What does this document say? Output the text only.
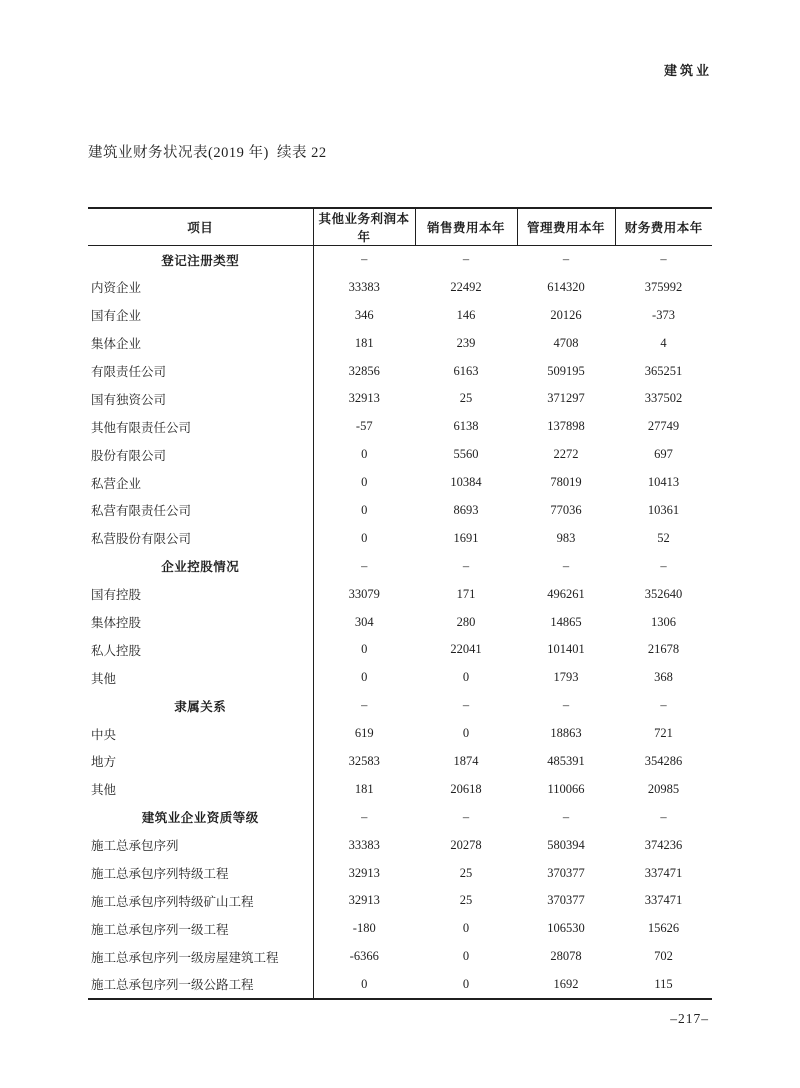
建筑业
建筑业财务状况表(2019 年)  续表 22
项目	其他业务利润本年	销售费用本年	管理费用本年	财务费用本年
登记注册类型	–	–	–	–
内资企业	33383	22492	614320	375992
国有企业	346	146	20126	-373
集体企业	181	239	4708	4
有限责任公司	32856	6163	509195	365251
国有独资公司	32913	25	371297	337502
其他有限责任公司	-57	6138	137898	27749
股份有限公司	0	5560	2272	697
私营企业	0	10384	78019	10413
私营有限责任公司	0	8693	77036	10361
私营股份有限公司	0	1691	983	52
企业控股情况	–	–	–	–
国有控股	33079	171	496261	352640
集体控股	304	280	14865	1306
私人控股	0	22041	101401	21678
其他	0	0	1793	368
隶属关系	–	–	–	–
中央	619	0	18863	721
地方	32583	1874	485391	354286
其他	181	20618	110066	20985
建筑业企业资质等级	–	–	–	–
施工总承包序列	33383	20278	580394	374236
施工总承包序列特级工程	32913	25	370377	337471
施工总承包序列特级矿山工程	32913	25	370377	337471
施工总承包序列一级工程	-180	0	106530	15626
施工总承包序列一级房屋建筑工程	-6366	0	28078	702
施工总承包序列一级公路工程	0	0	1692	115
–217–
